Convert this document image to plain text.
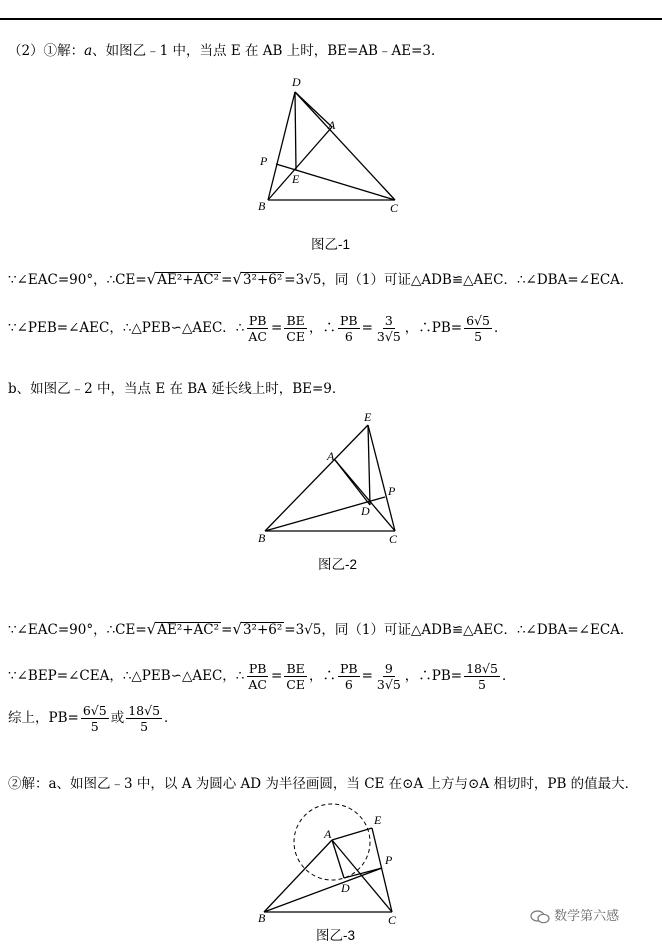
（2）①解：a、如图乙﹣1 中，当点 E 在 AB 上时，BE=AB﹣AE=3．
D
A
P
E
B	C
图乙-1
∵∠EAC=90°，∴CE=√AE²+AC² =√3²+6² =3√5，同（1）可证△ADB≌△AEC．∴∠DBA=∠ECA．
∵∠PEB=∠AEC，∴△PEB∽△AEC．∴ $\frac{PB}{AC} = \frac{BE}{CE}$ ，∴ $\frac{PB}{6} = \frac{3}{3√5}$ ，∴PB= $\frac{6√5}{5}$ ．
b、如图乙﹣2 中，当点 E 在 BA 延长线上时，BE=9．
E
A
P
D
B	C
图乙-2
∵∠EAC=90°，∴CE=√AE²+AC² =√3²+6² =3√5，同（1）可证△ADB≌△AEC．∴∠DBA=∠ECA．
∵∠BEP=∠CEA，∴△PEB∽△AEC，∴ $\frac{PB}{AC} = \frac{BE}{CE}$ ，∴ $\frac{PB}{6} = \frac{9}{3√5}$ ，∴PB= $\frac{18√5}{5}$ ．
综上，$PB= \frac{6√5}{5}$ 或 $\frac{18√5}{5}$ ．
②解：a、如图乙﹣3 中，以 A 为圆心 AD 为半径画圆，当 CE 在⊙A 上方与⊙A 相切时，PB 的值最大．
A
E
P
D
B	C
图乙-3
数学第六感
